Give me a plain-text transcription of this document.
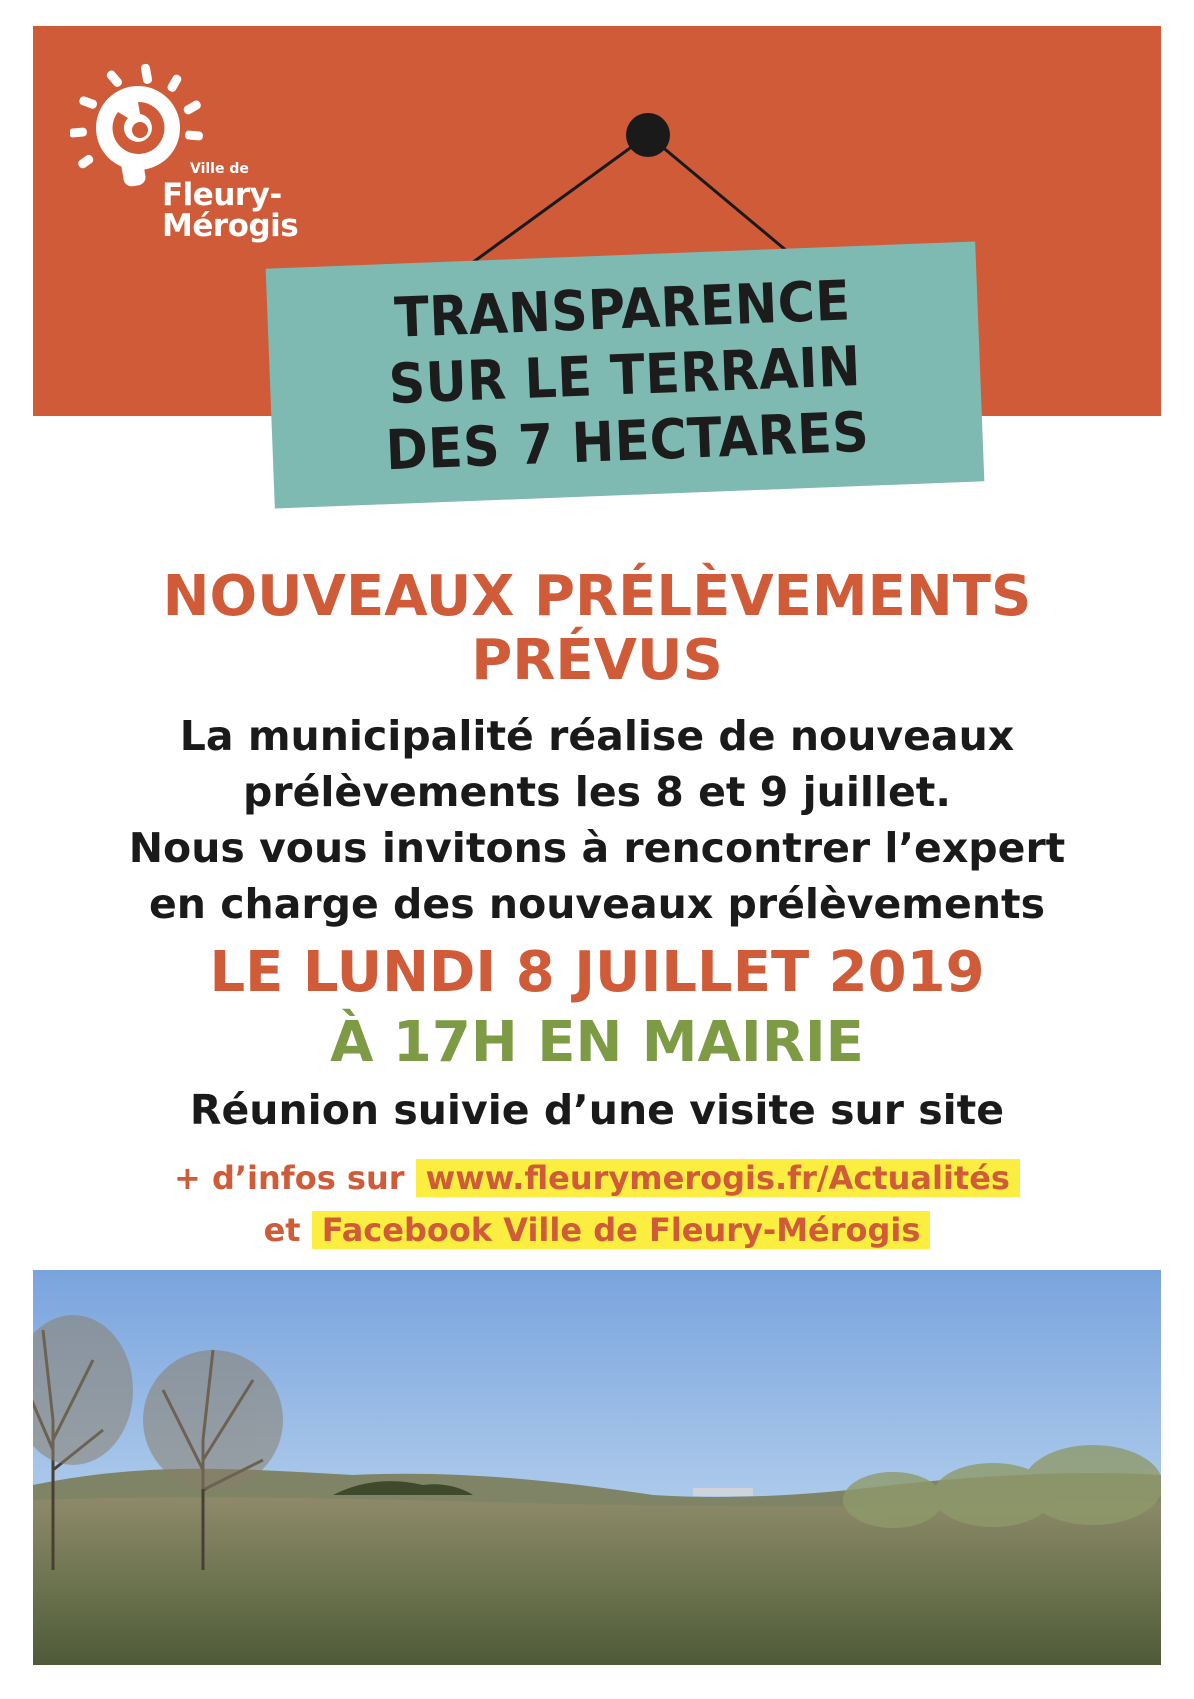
Ville de
Fleury-
Mérogis
TRANSPARENCE
SUR LE TERRAIN
DES 7 HECTARES
NOUVEAUX PRÉLÈVEMENTS
PRÉVUS
La municipalité réalise de nouveaux
prélèvements les 8 et 9 juillet.
Nous vous invitons à rencontrer l’expert
en charge des nouveaux prélèvements
LE LUNDI 8 JUILLET 2019
À 17H EN MAIRIE
Réunion suivie d’une visite sur site
+ d’infos sur www.fleurymerogis.fr/Actualités
et Facebook Ville de Fleury-Mérogis
